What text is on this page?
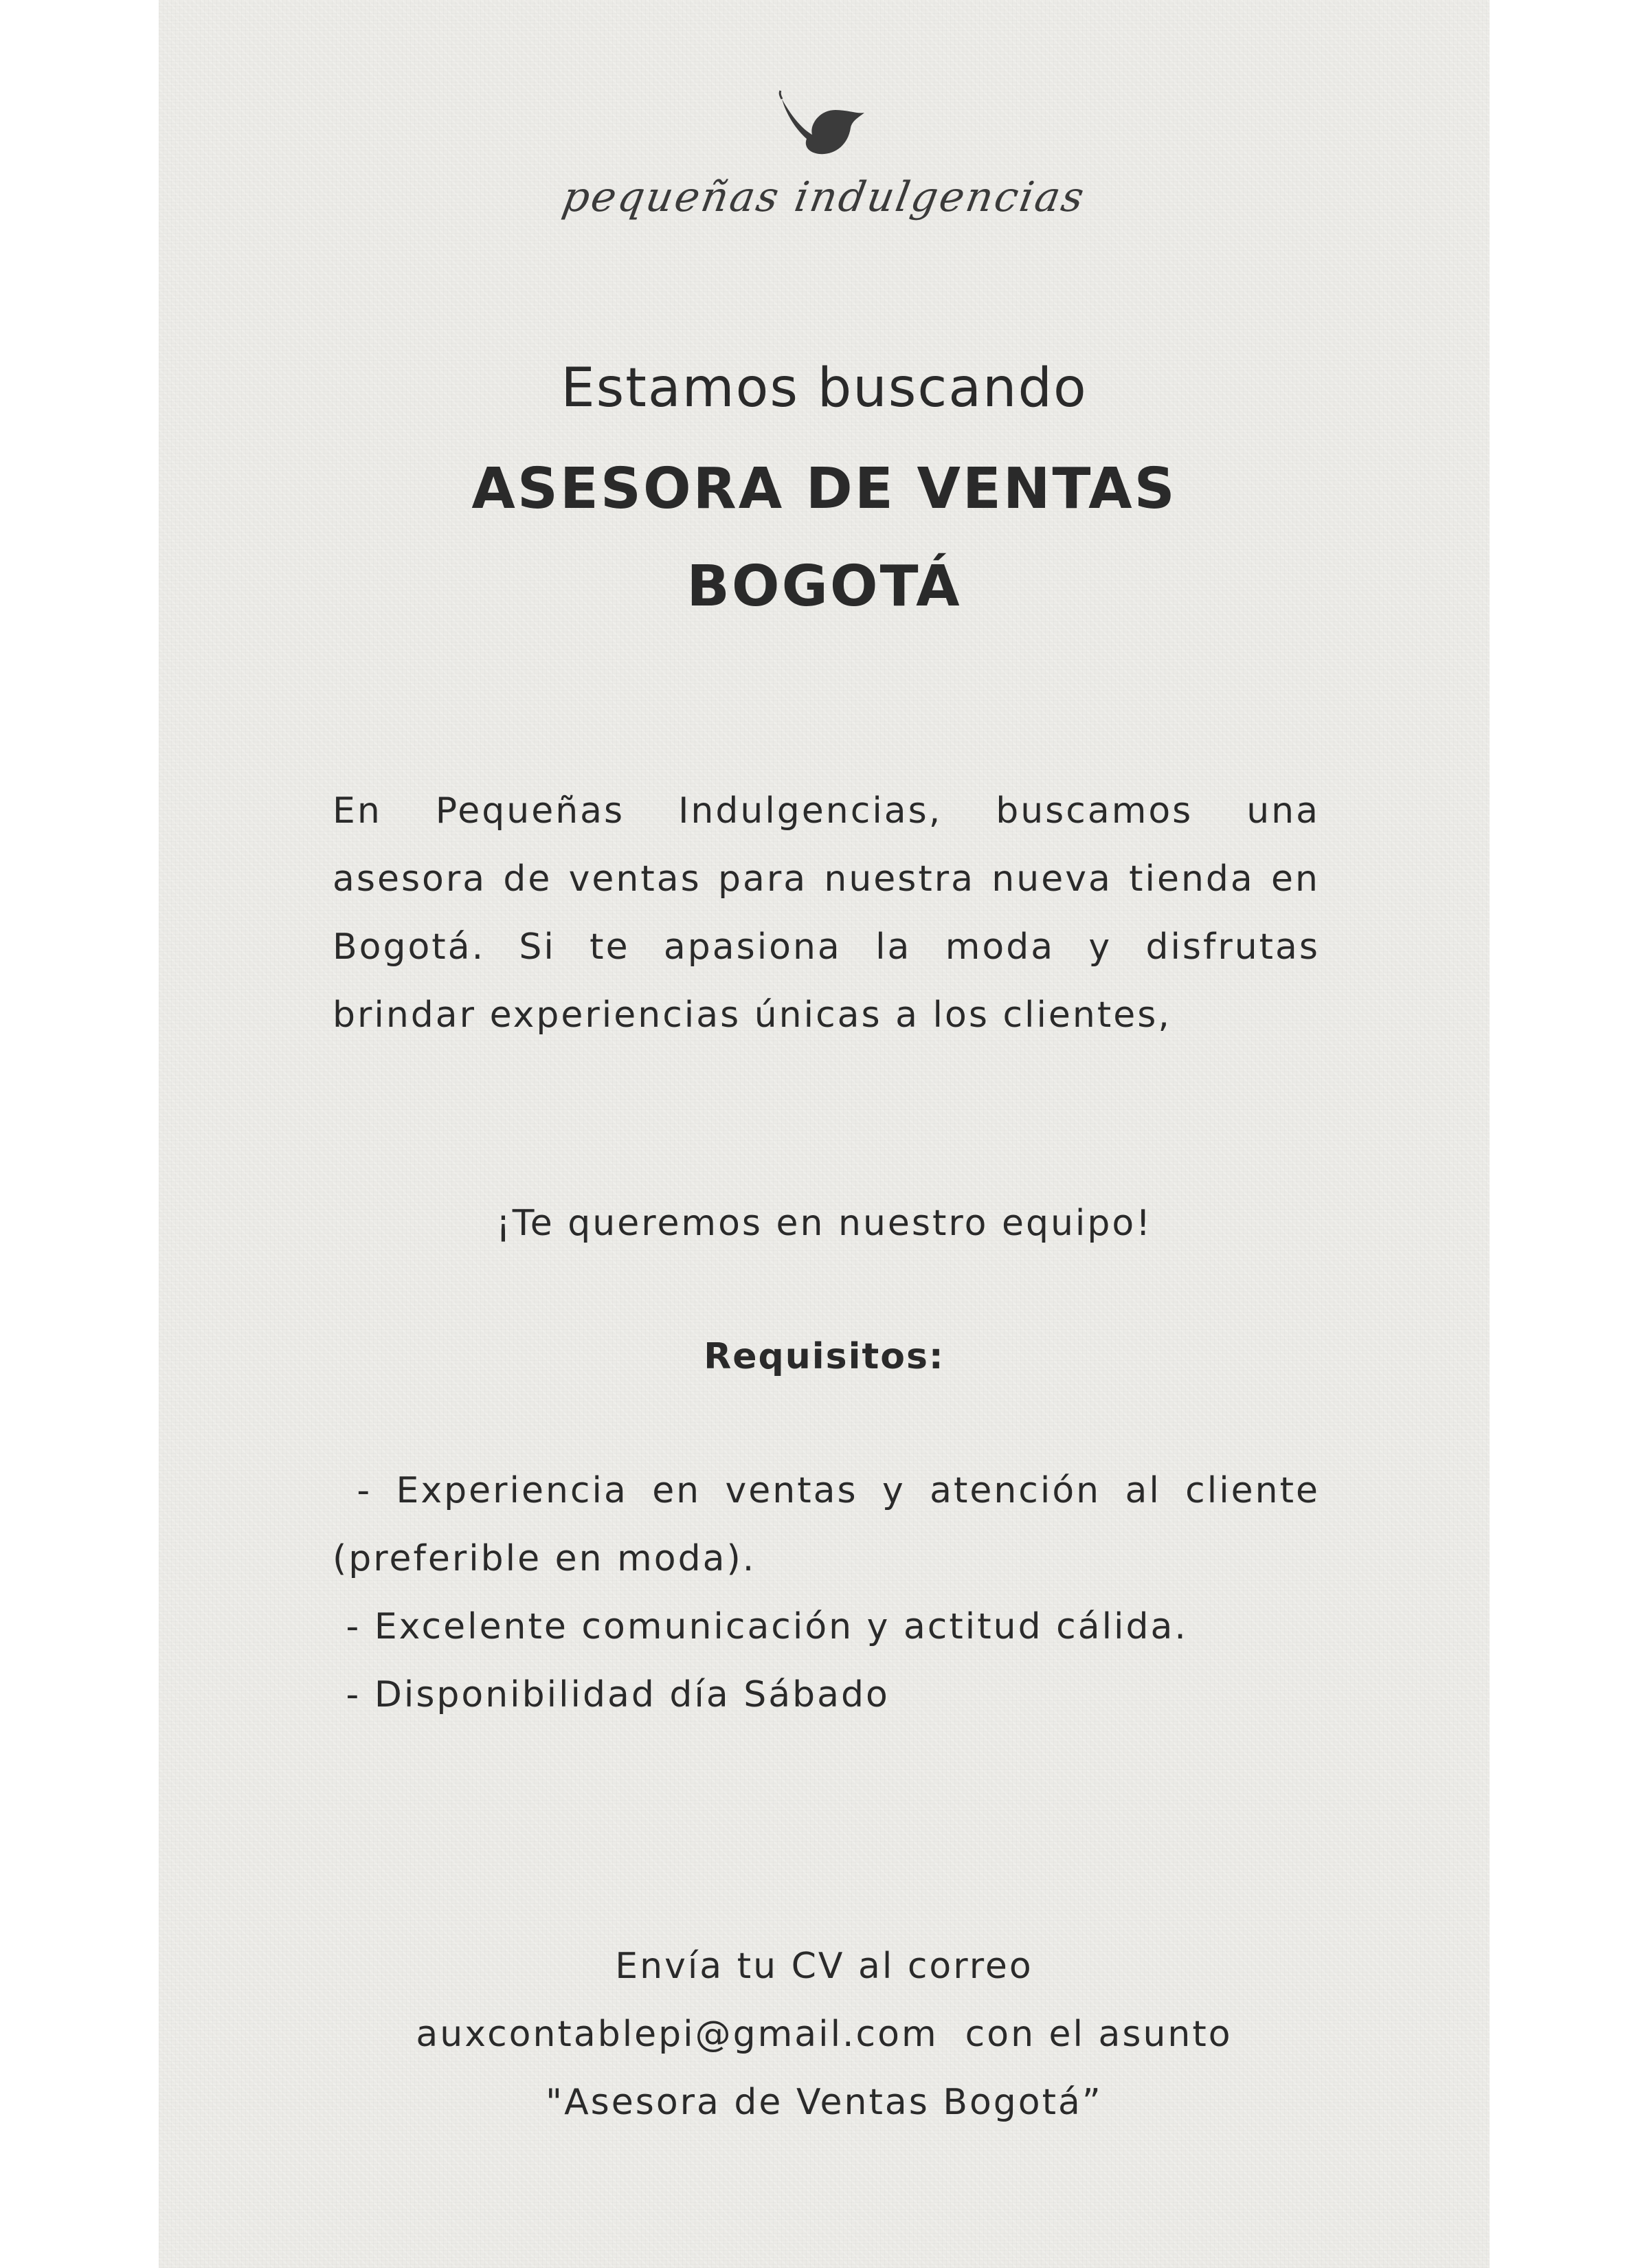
pequeñas indulgencias
Estamos buscando
ASESORA DE VENTAS
BOGOTÁ
En Pequeñas Indulgencias, buscamos una asesora de ventas para nuestra nueva tienda en Bogotá. Si te apasiona la moda y disfrutas brindar experiencias únicas a los clientes,
¡Te queremos en nuestro equipo!
Requisitos:
- Experiencia en ventas y atención al cliente (preferible en moda).
- Excelente comunicación y actitud cálida.
- Disponibilidad día Sábado
Envía tu CV al correo
auxcontablepi@gmail.com  con el asunto
"Asesora de Ventas Bogotá”
